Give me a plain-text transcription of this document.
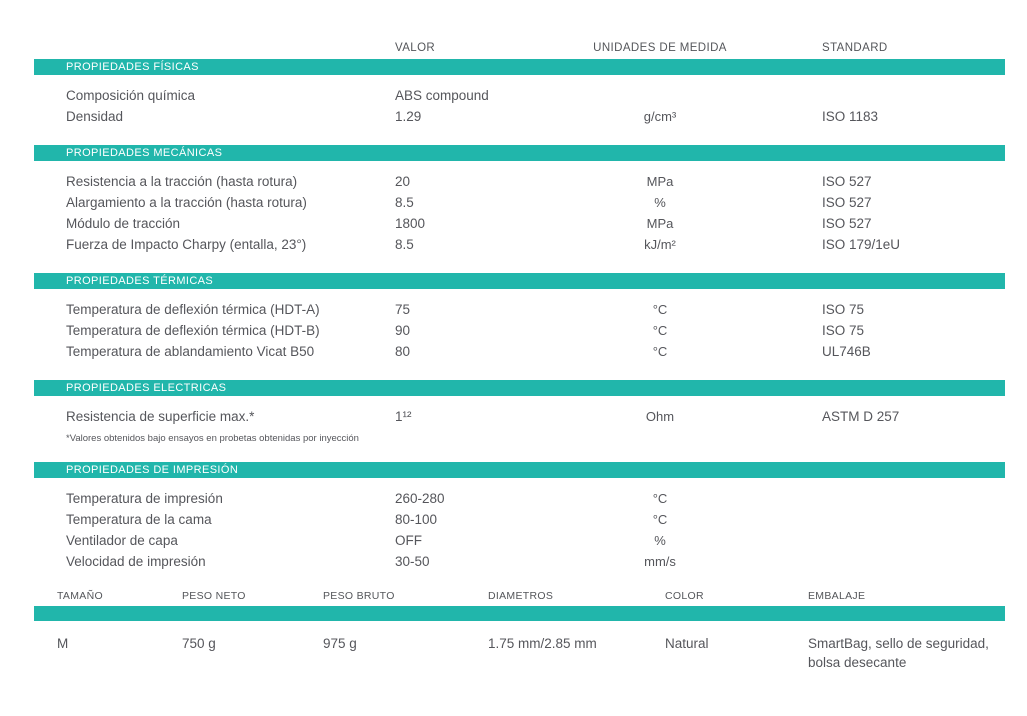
VALOR	UNIDADES DE MEDIDA	STANDARD
PROPIEDADES FÍSICAS
Composición química	ABS compound
Densidad	1.29	g/cm³	ISO 1183
PROPIEDADES MECÁNICAS
Resistencia a la tracción (hasta rotura)	20	MPa	ISO 527
Alargamiento a la tracción (hasta rotura)	8.5	%	ISO 527
Módulo de tracción	1800	MPa	ISO 527
Fuerza de Impacto Charpy (entalla, 23°)	8.5	kJ/m²	ISO 179/1eU
PROPIEDADES TÉRMICAS
Temperatura de deflexión térmica (HDT-A)	75	°C	ISO 75
Temperatura de deflexión térmica (HDT-B)	90	°C	ISO 75
Temperatura de ablandamiento Vicat B50	80	°C	UL746B
PROPIEDADES ELECTRICAS
Resistencia de superficie max.*	1¹²	Ohm	ASTM D 257
*Valores obtenidos bajo ensayos en probetas obtenidas por inyección
PROPIEDADES DE IMPRESIÓN
Temperatura de impresión	260-280	°C
Temperatura de la cama	80-100	°C
Ventilador de capa	OFF	%
Velocidad de impresión	30-50	mm/s
TAMAÑO	PESO NETO	PESO BRUTO	DIAMETROS	COLOR	EMBALAJE
M	750 g	975 g	1.75 mm/2.85 mm	Natural	SmartBag, sello de seguridad, bolsa desecante
